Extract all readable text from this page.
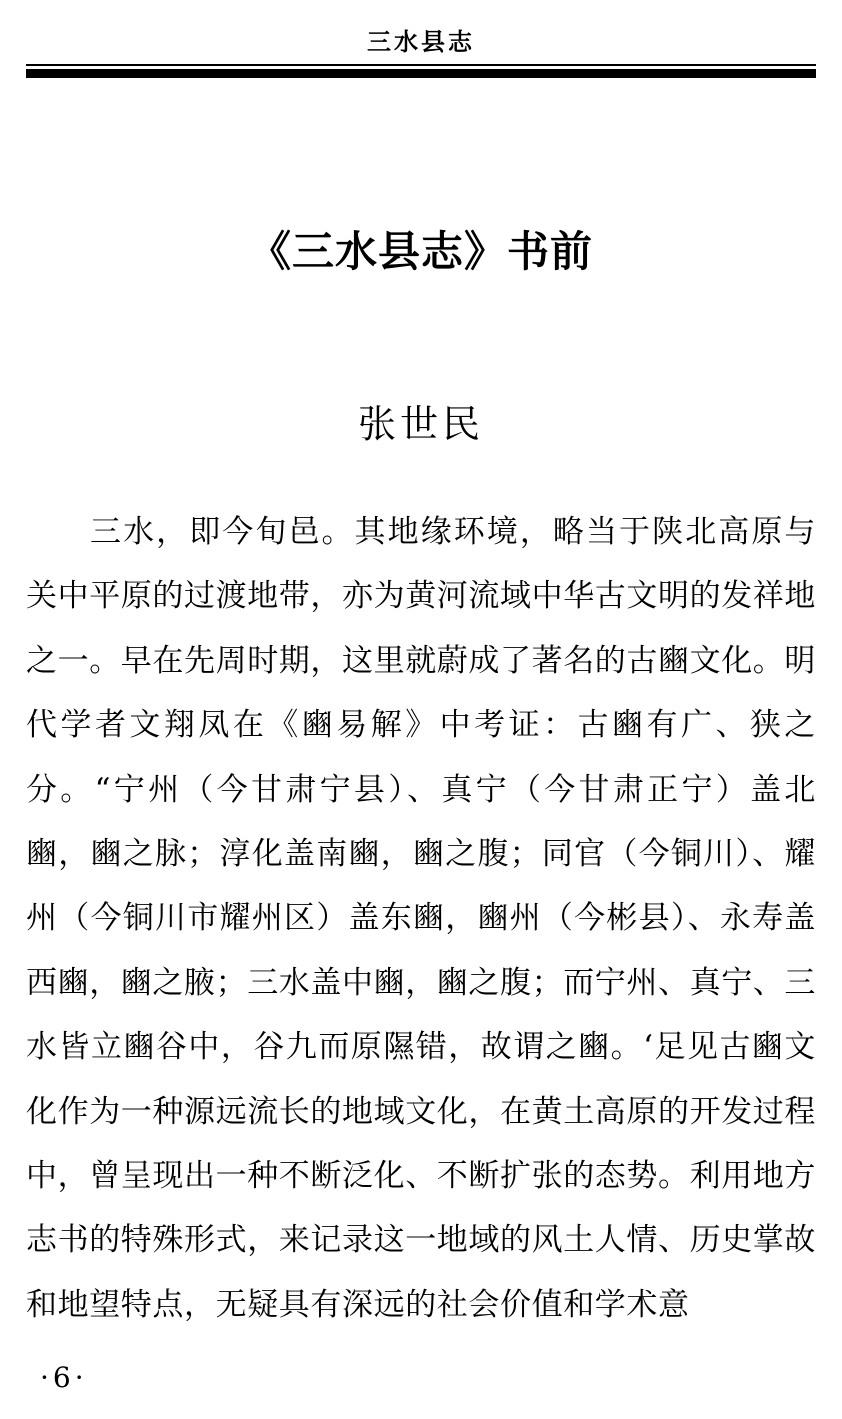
三水县志
《三水县志》书前
张世民

三水，即今旬邑。其地缘环境，略当于陕北高原与关中平原的过渡地带，亦为黄河流域中华古文明的发祥地之一。早在先周时期，这里就蔚成了著名的古豳文化。明代学者文翔凤在《豳易解》中考证：古豳有广、狭之分。“宁州（今甘肃宁县）、真宁（今甘肃正宁）盖北豳，豳之脉；淳化盖南豳，豳之腹；同官（今铜川）、耀州（今铜川市耀州区）盖东豳，豳州（今彬县）、永寿盖西豳，豳之腋；三水盖中豳，豳之腹；而宁州、真宁、三水皆立豳谷中，谷九而原隰错，故谓之豳。‘足见古豳文化作为一种源远流长的地域文化，在黄土高原的开发过程中，曾呈现出一种不断泛化、不断扩张的态势。利用地方志书的特殊形式，来记录这一地域的风土人情、历史掌故和地望特点，无疑具有深远的社会价值和学术意

·6·
